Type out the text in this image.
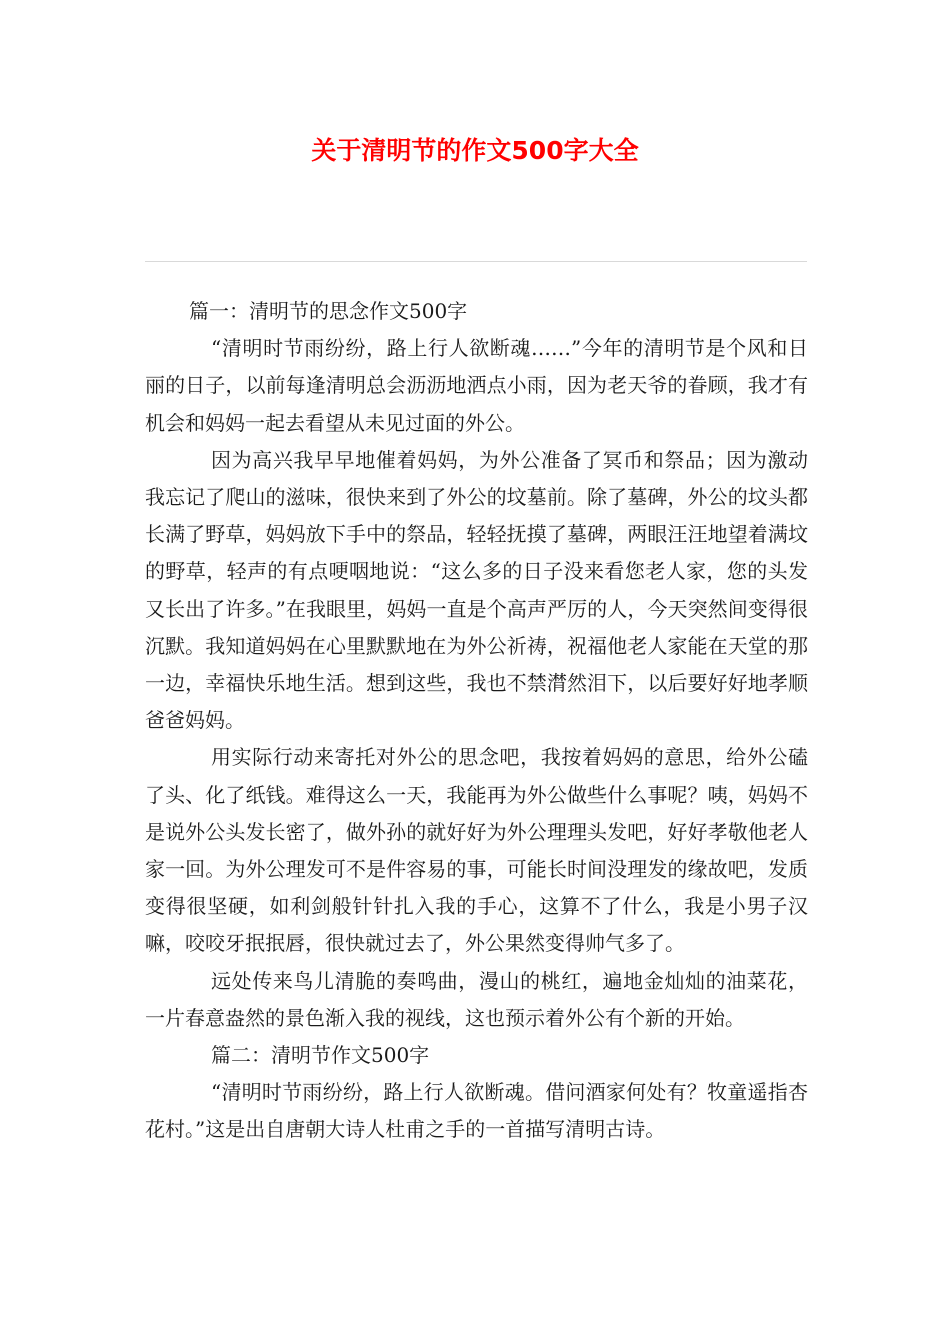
关于清明节的作文500字大全

篇一：清明节的思念作文500字

“清明时节雨纷纷，路上行人欲断魂……”今年的清明节是个风和日丽的日子，以前每逢清明总会沥沥地洒点小雨，因为老天爷的眷顾，我才有机会和妈妈一起去看望从未见过面的外公。

因为高兴我早早地催着妈妈，为外公准备了冥币和祭品；因为激动我忘记了爬山的滋味，很快来到了外公的坟墓前。除了墓碑，外公的坟头都长满了野草，妈妈放下手中的祭品，轻轻抚摸了墓碑，两眼汪汪地望着满坟的野草，轻声的有点哽咽地说：“这么多的日子没来看您老人家，您的头发又长出了许多。”在我眼里，妈妈一直是个高声严厉的人，今天突然间变得很沉默。我知道妈妈在心里默默地在为外公祈祷，祝福他老人家能在天堂的那一边，幸福快乐地生活。想到这些，我也不禁潸然泪下，以后要好好地孝顺爸爸妈妈。

用实际行动来寄托对外公的思念吧，我按着妈妈的意思，给外公磕了头、化了纸钱。难得这么一天，我能再为外公做些什么事呢？咦，妈妈不是说外公头发长密了，做外孙的就好好为外公理理头发吧，好好孝敬他老人家一回。为外公理发可不是件容易的事，可能长时间没理发的缘故吧，发质变得很坚硬，如利剑般针针扎入我的手心，这算不了什么，我是小男子汉嘛，咬咬牙抿抿唇，很快就过去了，外公果然变得帅气多了。

远处传来鸟儿清脆的奏鸣曲，漫山的桃红，遍地金灿灿的油菜花，一片春意盎然的景色渐入我的视线，这也预示着外公有个新的开始。

篇二：清明节作文500字

“清明时节雨纷纷，路上行人欲断魂。借问酒家何处有？牧童遥指杏花村。”这是出自唐朝大诗人杜甫之手的一首描写清明古诗。
